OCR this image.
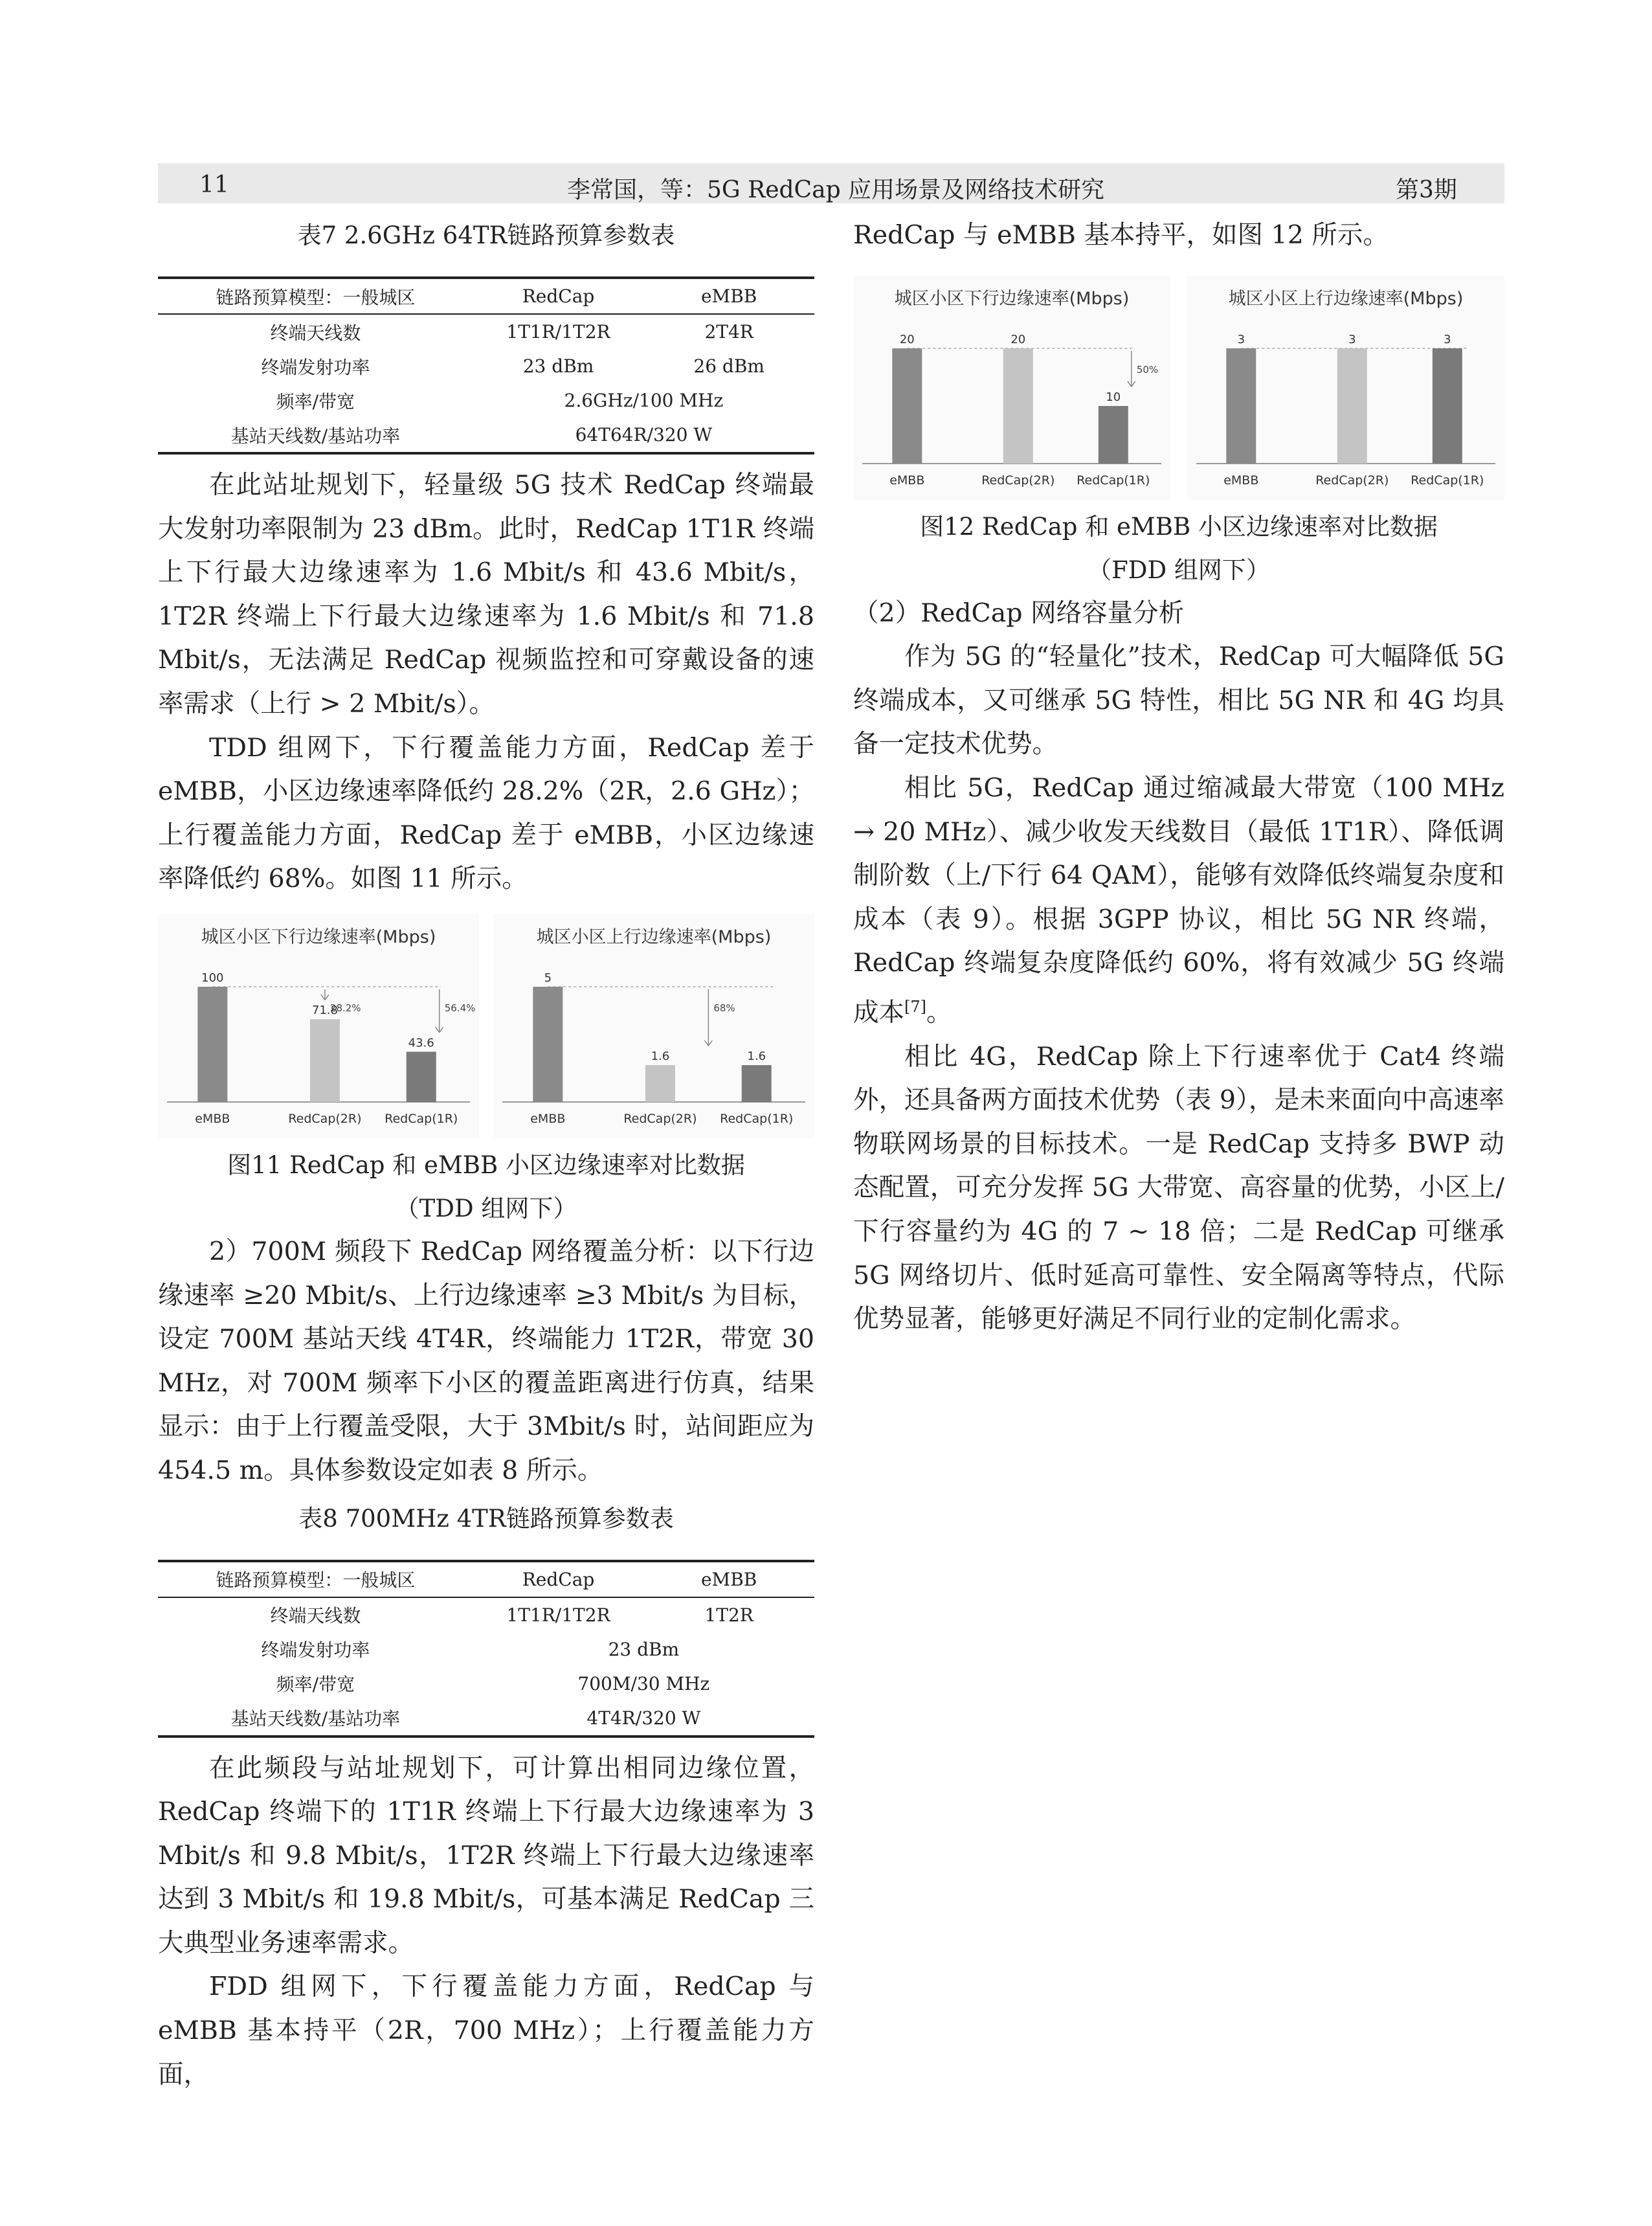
11	李常国，等：5G RedCap 应用场景及网络技术研究	第3期

表7 2.6GHz 64TR链路预算参数表

链路预算模型：一般城区	RedCap	eMBB
终端天线数	1T1R/1T2R	2T4R
终端发射功率	23 dBm	26 dBm
频率/带宽	2.6GHz/100 MHz	
基站天线数/基站功率	64T64R/320 W	

在此站址规划下，轻量级 5G 技术 RedCap 终端最大发射功率限制为 23 dBm。此时，RedCap 1T1R 终端上下行最大边缘速率为 1.6 Mbit/s 和 43.6 Mbit/s，1T2R 终端上下行最大边缘速率为 1.6 Mbit/s 和 71.8 Mbit/s，无法满足 RedCap 视频监控和可穿戴设备的速率需求（上行 > 2 Mbit/s）。

TDD 组网下，下行覆盖能力方面，RedCap 差于 eMBB，小区边缘速率降低约 28.2%（2R，2.6 GHz）；上行覆盖能力方面，RedCap 差于 eMBB，小区边缘速率降低约 68%。如图 11 所示。

城区小区下行边缘速率(Mbps)
100
eMBB
71.8
RedCap(2R)
43.6
RedCap(1R)
28.2%	56.4%
城区小区上行边缘速率(Mbps)
5
eMBB
1.6
RedCap(2R)
1.6
RedCap(1R)
68%

图11 RedCap 和 eMBB 小区边缘速率对比数据

（TDD 组网下）

2）700M 频段下 RedCap 网络覆盖分析：以下行边缘速率 ≥20 Mbit/s、上行边缘速率 ≥3 Mbit/s 为目标，设定 700M 基站天线 4T4R，终端能力 1T2R，带宽 30 MHz，对 700M 频率下小区的覆盖距离进行仿真，结果显示：由于上行覆盖受限，大于 3Mbit/s 时，站间距应为 454.5 m。具体参数设定如表 8 所示。

表8 700MHz 4TR链路预算参数表

链路预算模型：一般城区	RedCap	eMBB
终端天线数	1T1R/1T2R	1T2R
终端发射功率	23 dBm	
频率/带宽	700M/30 MHz	
基站天线数/基站功率	4T4R/320 W	

在此频段与站址规划下，可计算出相同边缘位置，RedCap 终端下的 1T1R 终端上下行最大边缘速率为 3 Mbit/s 和 9.8 Mbit/s，1T2R 终端上下行最大边缘速率达到 3 Mbit/s 和 19.8 Mbit/s，可基本满足 RedCap 三大典型业务速率需求。

FDD 组网下，下行覆盖能力方面，RedCap 与 eMBB 基本持平（2R，700 MHz）；上行覆盖能力方面，

RedCap 与 eMBB 基本持平，如图 12 所示。

城区小区下行边缘速率(Mbps)
20
eMBB
20
RedCap(2R)
10
RedCap(1R)
50%
城区小区上行边缘速率(Mbps)
3
eMBB
3
RedCap(2R)
3
RedCap(1R)

图12 RedCap 和 eMBB 小区边缘速率对比数据

（FDD 组网下）

（2）RedCap 网络容量分析

作为 5G 的“轻量化”技术，RedCap 可大幅降低 5G 终端成本，又可继承 5G 特性，相比 5G NR 和 4G 均具备一定技术优势。

相比 5G，RedCap 通过缩减最大带宽（100 MHz → 20 MHz）、减少收发天线数目（最低 1T1R）、降低调制阶数（上/下行 64 QAM），能够有效降低终端复杂度和成本（表 9）。根据 3GPP 协议，相比 5G NR 终端，RedCap 终端复杂度降低约 60%，将有效减少 5G 终端成本[7]。

相比 4G，RedCap 除上下行速率优于 Cat4 终端外，还具备两方面技术优势（表 9），是未来面向中高速率物联网场景的目标技术。一是 RedCap 支持多 BWP 动态配置，可充分发挥 5G 大带宽、高容量的优势，小区上/下行容量约为 4G 的 7 ~ 18 倍；二是 RedCap 可继承 5G 网络切片、低时延高可靠性、安全隔离等特点，代际优势显著，能够更好满足不同行业的定制化需求。
